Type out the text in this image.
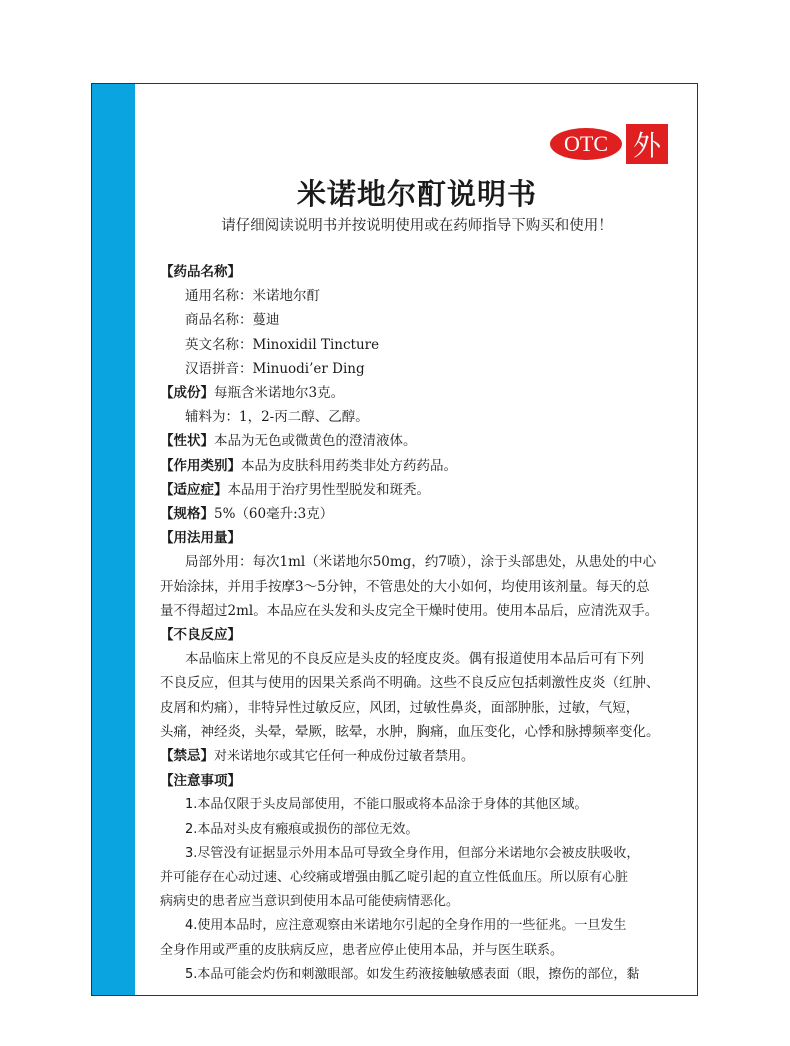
OTC 外
米诺地尔酊说明书
请仔细阅读说明书并按说明使用或在药师指导下购买和使用！
【药品名称】
通用名称：米诺地尔酊
商品名称：蔓迪
英文名称：Minoxidil Tincture
汉语拼音：Minuodi’er Ding
【成份】每瓶含米诺地尔3克。
辅料为：1，2-丙二醇、乙醇。
【性状】本品为无色或微黄色的澄清液体。
【作用类别】本品为皮肤科用药类非处方药药品。
【适应症】本品用于治疗男性型脱发和斑秃。
【规格】5%（60毫升:3克）
【用法用量】
局部外用：每次1ml（米诺地尔50mg，约7喷），涂于头部患处，从患处的中心
开始涂抹，并用手按摩3～5分钟，不管患处的大小如何，均使用该剂量。每天的总
量不得超过2ml。本品应在头发和头皮完全干燥时使用。使用本品后，应清洗双手。
【不良反应】
本品临床上常见的不良反应是头皮的轻度皮炎。偶有报道使用本品后可有下列
不良反应，但其与使用的因果关系尚不明确。这些不良反应包括刺激性皮炎（红肿、
皮屑和灼痛），非特异性过敏反应，风团，过敏性鼻炎，面部肿胀，过敏，气短，
头痛，神经炎，头晕，晕厥，眩晕，水肿，胸痛，血压变化，心悸和脉搏频率变化。
【禁忌】对米诺地尔或其它任何一种成份过敏者禁用。
【注意事项】
1.本品仅限于头皮局部使用，不能口服或将本品涂于身体的其他区域。
2.本品对头皮有瘢痕或损伤的部位无效。
3.尽管没有证据显示外用本品可导致全身作用，但部分米诺地尔会被皮肤吸收，
并可能存在心动过速、心绞痛或增强由胍乙啶引起的直立性低血压。所以原有心脏
病病史的患者应当意识到使用本品可能使病情恶化。
4.使用本品时，应注意观察由米诺地尔引起的全身作用的一些征兆。一旦发生
全身作用或严重的皮肤病反应，患者应停止使用本品，并与医生联系。
5.本品可能会灼伤和刺激眼部。如发生药液接触敏感表面（眼，擦伤的部位，黏
